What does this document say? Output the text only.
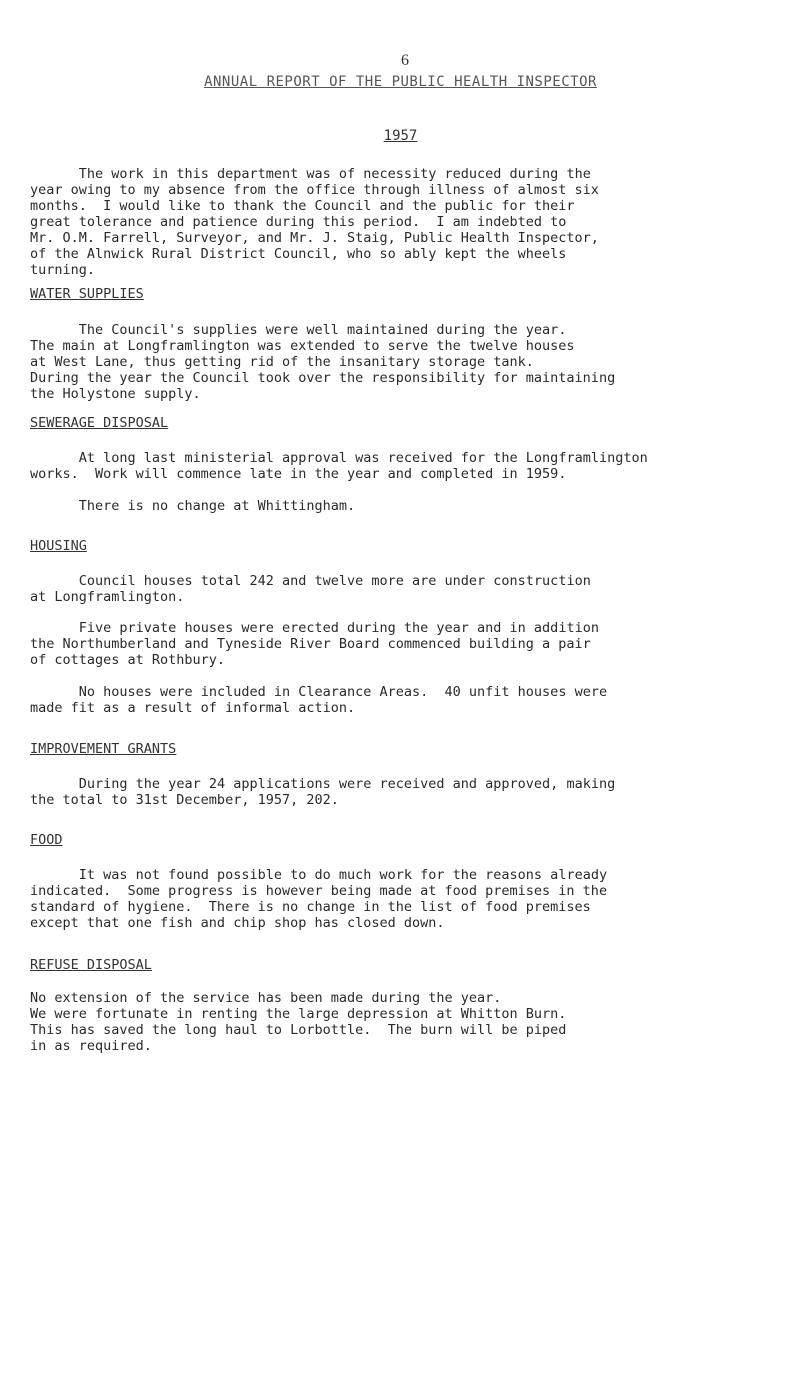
6
ANNUAL REPORT OF THE PUBLIC HEALTH INSPECTOR
1957

The work in this department was of necessity reduced during the
year owing to my absence from the office through illness of almost six
months.  I would like to thank the Council and the public for their
great tolerance and patience during this period.  I am indebted to
Mr. O.M. Farrell, Surveyor, and Mr. J. Staig, Public Health Inspector,
of the Alnwick Rural District Council, who so ably kept the wheels
turning.

WATER SUPPLIES

The Council's supplies were well maintained during the year.
The main at Longframlington was extended to serve the twelve houses
at West Lane, thus getting rid of the insanitary storage tank.
During the year the Council took over the responsibility for maintaining
the Holystone supply.

SEWERAGE DISPOSAL

At long last ministerial approval was received for the Longframlington
works.  Work will commence late in the year and completed in 1959.

There is no change at Whittingham.

HOUSING

Council houses total 242 and twelve more are under construction
at Longframlington.

Five private houses were erected during the year and in addition
the Northumberland and Tyneside River Board commenced building a pair
of cottages at Rothbury.

No houses were included in Clearance Areas.  40 unfit houses were
made fit as a result of informal action.

IMPROVEMENT GRANTS

During the year 24 applications were received and approved, making
the total to 31st December, 1957, 202.

FOOD

It was not found possible to do much work for the reasons already
indicated.  Some progress is however being made at food premises in the
standard of hygiene.  There is no change in the list of food premises
except that one fish and chip shop has closed down.

REFUSE DISPOSAL

No extension of the service has been made during the year.
We were fortunate in renting the large depression at Whitton Burn.
This has saved the long haul to Lorbottle.  The burn will be piped
in as required.
